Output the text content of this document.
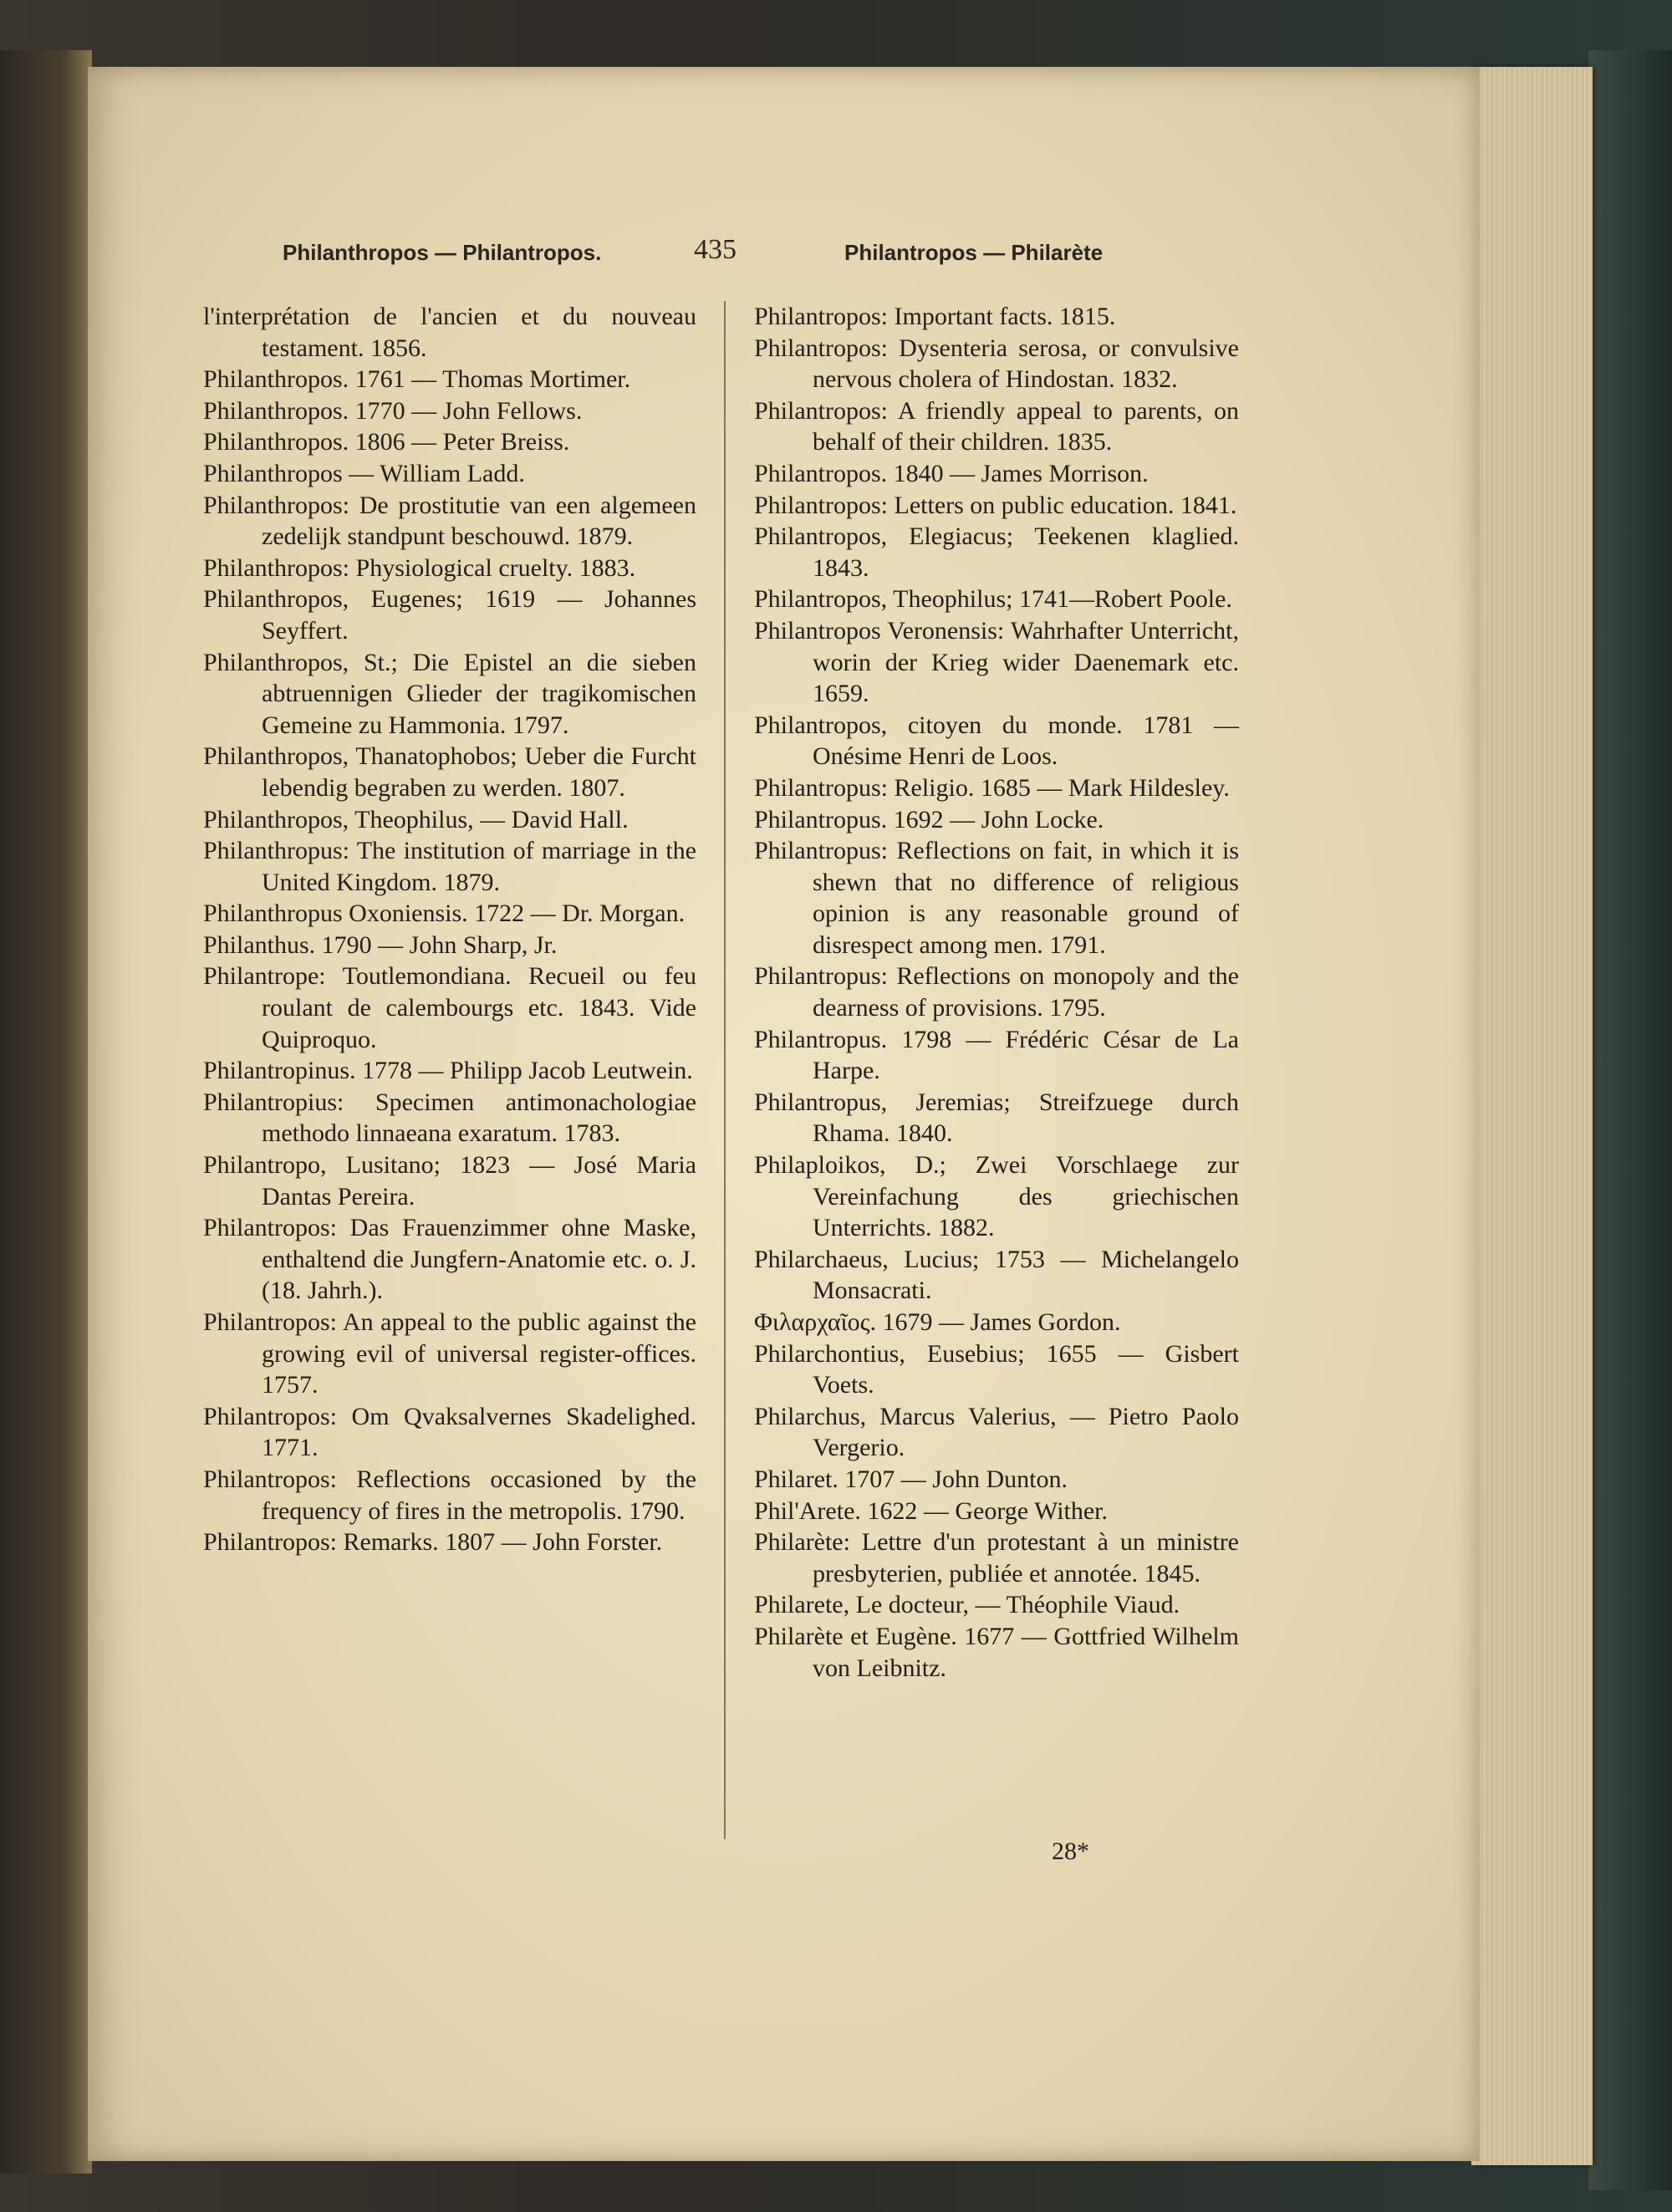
Philanthropos — Philantropos.	435	Philantropos — Philarète

l'interprétation de l'ancien et du nouveau testament. 1856.

Philanthropos. 1761 — Thomas Mortimer.

Philanthropos. 1770 — John Fellows.

Philanthropos. 1806 — Peter Breiss.

Philanthropos — William Ladd.

Philanthropos: De prostitutie van een algemeen zedelijk standpunt beschouwd. 1879.

Philanthropos: Physiological cruelty. 1883.

Philanthropos, Eugenes; 1619 — Johannes Seyffert.

Philanthropos, St.; Die Epistel an die sieben abtruennigen Glieder der tragikomischen Gemeine zu Hammonia. 1797.

Philanthropos, Thanatophobos; Ueber die Furcht lebendig begraben zu werden. 1807.

Philanthropos, Theophilus, — David Hall.

Philanthropus: The institution of marriage in the United Kingdom. 1879.

Philanthropus Oxoniensis. 1722 — Dr. Morgan.

Philanthus. 1790 — John Sharp, Jr.

Philantrope: Toutlemondiana. Recueil ou feu roulant de calembourgs etc. 1843. Vide Quiproquo.

Philantropinus. 1778 — Philipp Jacob Leutwein.

Philantropius: Specimen antimonachologiae methodo linnaeana exaratum. 1783.

Philantropo, Lusitano; 1823 — José Maria Dantas Pereira.

Philantropos: Das Frauenzimmer ohne Maske, enthaltend die Jungfern-Anatomie etc. o. J. (18. Jahrh.).

Philantropos: An appeal to the public against the growing evil of universal register-offices. 1757.

Philantropos: Om Qvaksalvernes Skadelighed. 1771.

Philantropos: Reflections occasioned by the frequency of fires in the metropolis. 1790.

Philantropos: Remarks. 1807 — John Forster.

Philantropos: Important facts. 1815.

Philantropos: Dysenteria serosa, or convulsive nervous cholera of Hindostan. 1832.

Philantropos: A friendly appeal to parents, on behalf of their children. 1835.

Philantropos. 1840 — James Morrison.

Philantropos: Letters on public education. 1841.

Philantropos, Elegiacus; Teekenen klaglied. 1843.

Philantropos, Theophilus; 1741—Robert Poole.

Philantropos Veronensis: Wahrhafter Unterricht, worin der Krieg wider Daenemark etc. 1659.

Philantropos, citoyen du monde. 1781 — Onésime Henri de Loos.

Philantropus: Religio. 1685 — Mark Hildesley.

Philantropus. 1692 — John Locke.

Philantropus: Reflections on fait, in which it is shewn that no difference of religious opinion is any reasonable ground of disrespect among men. 1791.

Philantropus: Reflections on monopoly and the dearness of provisions. 1795.

Philantropus. 1798 — Frédéric César de La Harpe.

Philantropus, Jeremias; Streifzuege durch Rhama. 1840.

Philaploikos, D.; Zwei Vorschlaege zur Vereinfachung des griechischen Unterrichts. 1882.

Philarchaeus, Lucius; 1753 — Michelangelo Monsacrati.

Φιλαρχαῖος. 1679 — James Gordon.

Philarchontius, Eusebius; 1655 — Gisbert Voets.

Philarchus, Marcus Valerius, — Pietro Paolo Vergerio.

Philaret. 1707 — John Dunton.

Phil'Arete. 1622 — George Wither.

Philarète: Lettre d'un protestant à un ministre presbyterien, publiée et annotée. 1845.

Philarete, Le docteur, — Théophile Viaud.

Philarète et Eugène. 1677 — Gottfried Wilhelm von Leibnitz.

28*
